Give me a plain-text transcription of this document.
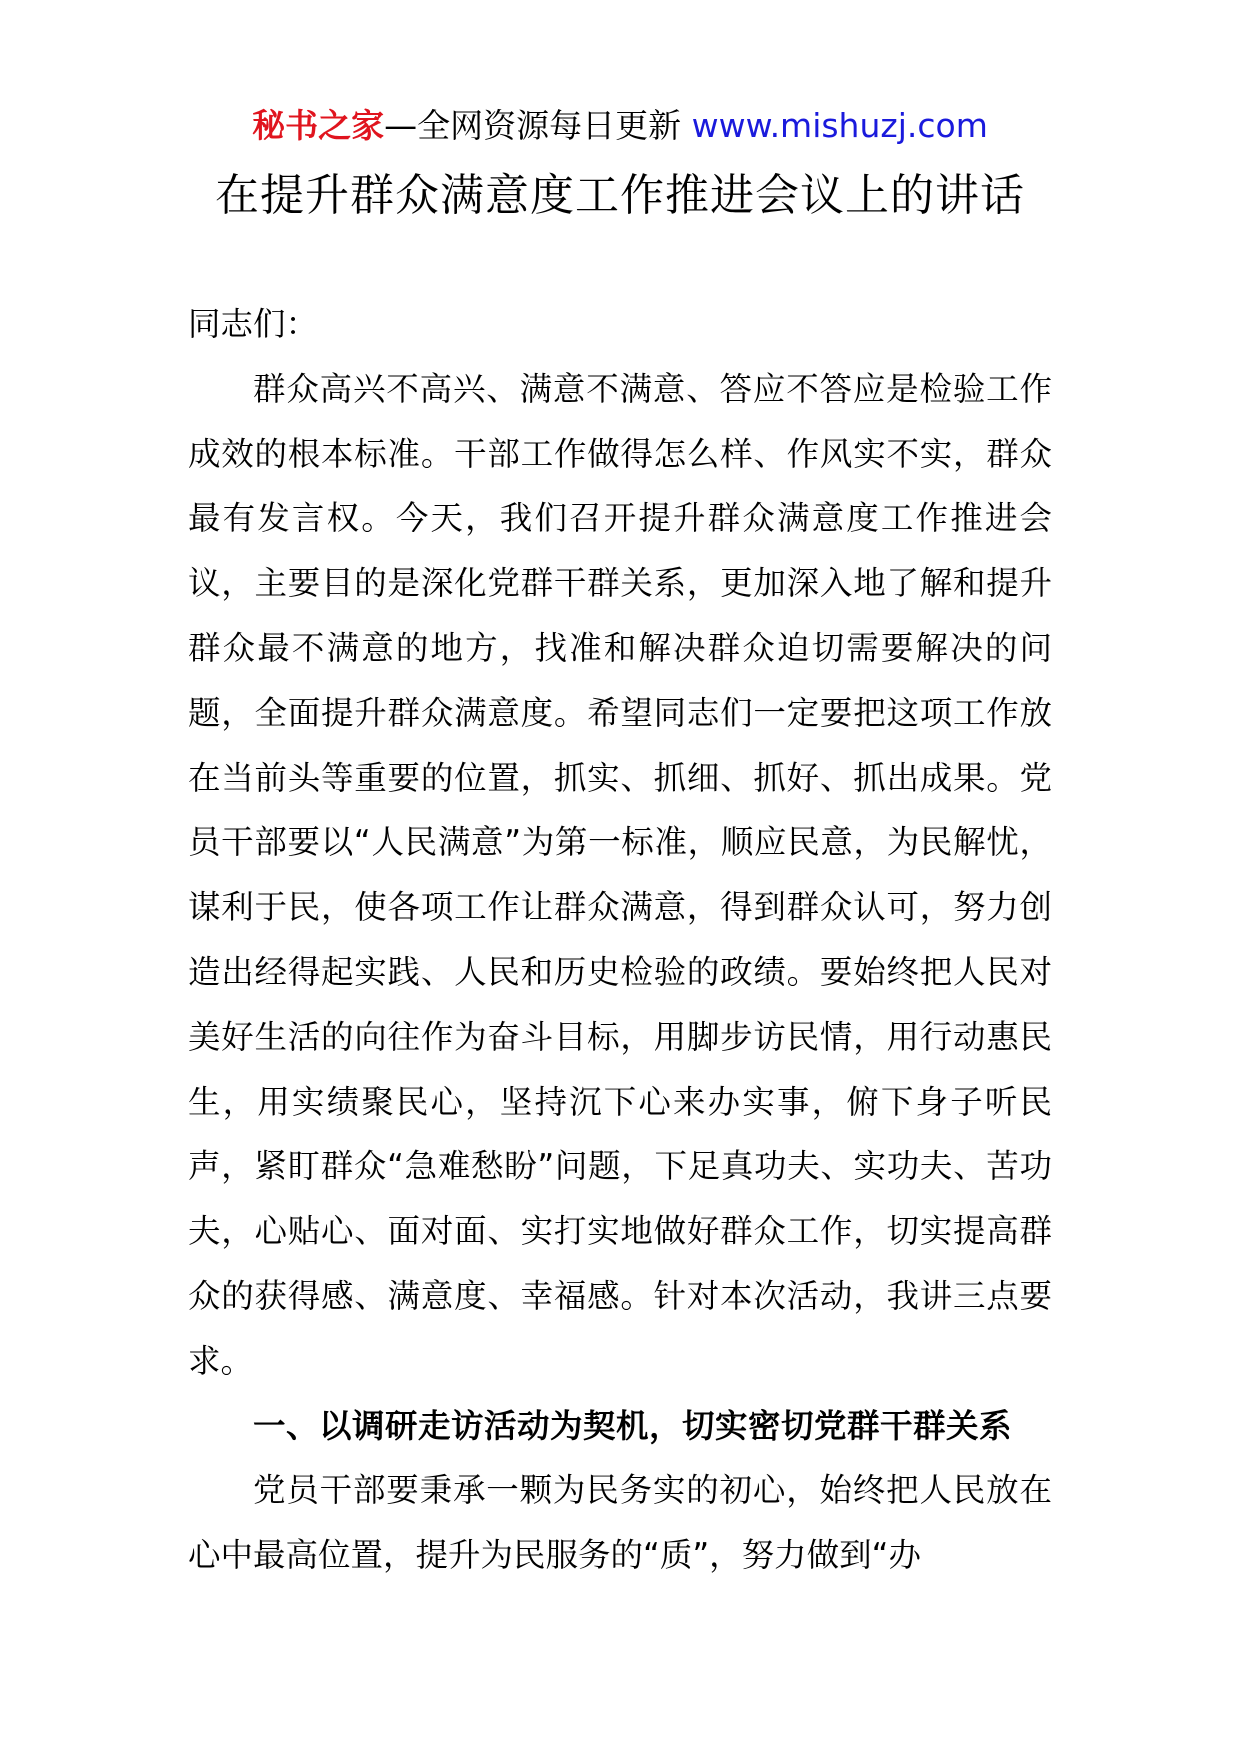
秘书之家—全网资源每日更新 www.mishuzj.com
在提升群众满意度工作推进会议上的讲话

同志们：

群众高兴不高兴、满意不满意、答应不答应是检验工作成效的根本标准。干部工作做得怎么样、作风实不实，群众最有发言权。今天，我们召开提升群众满意度工作推进会议，主要目的是深化党群干群关系，更加深入地了解和提升群众最不满意的地方，找准和解决群众迫切需要解决的问题，全面提升群众满意度。希望同志们一定要把这项工作放在当前头等重要的位置，抓实、抓细、抓好、抓出成果。党员干部要以“人民满意”为第一标准，顺应民意，为民解忧，谋利于民，使各项工作让群众满意，得到群众认可，努力创造出经得起实践、人民和历史检验的政绩。要始终把人民对美好生活的向往作为奋斗目标，用脚步访民情，用行动惠民生，用实绩聚民心，坚持沉下心来办实事，俯下身子听民声，紧盯群众“急难愁盼”问题，下足真功夫、实功夫、苦功夫，心贴心、面对面、实打实地做好群众工作，切实提高群众的获得感、满意度、幸福感。针对本次活动，我讲三点要求。

一、以调研走访活动为契机，切实密切党群干群关系

党员干部要秉承一颗为民务实的初心，始终把人民放在心中最高位置，提升为民服务的“质”，努力做到“办
